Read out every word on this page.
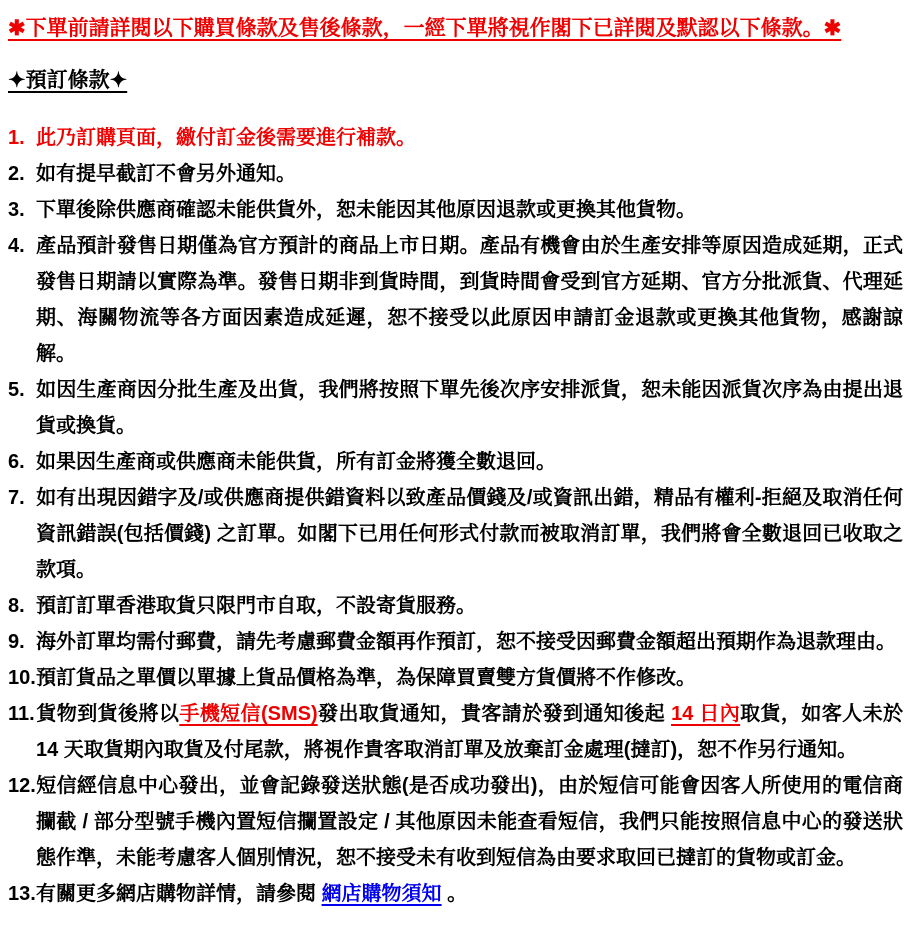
✱下單前請詳閱以下購買條款及售後條款，一經下單將視作閣下已詳閱及默認以下條款。✱
✦預訂條款✦
1. 此乃訂購頁面，繳付訂金後需要進行補款。
2. 如有提早截訂不會另外通知。
3. 下單後除供應商確認未能供貨外，恕未能因其他原因退款或更換其他貨物。
4. 產品預計發售日期僅為官方預計的商品上市日期。產品有機會由於生產安排等原因造成延期，正式發售日期請以實際為準。發售日期非到貨時間，到貨時間會受到官方延期、官方分批派貨、代理延期、海關物流等各方面因素造成延遲，恕不接受以此原因申請訂金退款或更換其他貨物，感謝諒解。
5. 如因生產商因分批生產及出貨，我們將按照下單先後次序安排派貨，恕未能因派貨次序為由提出退貨或換貨。
6. 如果因生產商或供應商未能供貨，所有訂金將獲全數退回。
7. 如有出現因錯字及/或供應商提供錯資料以致產品價錢及/或資訊出錯，精品有權利-拒絕及取消任何資訊錯誤(包括價錢) 之訂單。如閣下已用任何形式付款而被取消訂單，我們將會全數退回已收取之款項。
8. 預訂訂單香港取貨只限門市自取，不設寄貨服務。
9. 海外訂單均需付郵費，請先考慮郵費金額再作預訂，恕不接受因郵費金額超出預期作為退款理由。
10.預訂貨品之單價以單據上貨品價格為準，為保障買賣雙方貨價將不作修改。
11.貨物到貨後將以手機短信(SMS)發出取貨通知，貴客請於發到通知後起 14 日內取貨，如客人未於 14 天取貨期內取貨及付尾款，將視作貴客取消訂單及放棄訂金處理(撻訂)，恕不作另行通知。
12.短信經信息中心發出，並會記錄發送狀態(是否成功發出)，由於短信可能會因客人所使用的電信商攔截 / 部分型號手機內置短信攔置設定 / 其他原因未能查看短信，我們只能按照信息中心的發送狀態作準，未能考慮客人個別情況，恕不接受未有收到短信為由要求取回已撻訂的貨物或訂金。
13.有關更多網店購物詳情，請參閱 網店購物須知 。
